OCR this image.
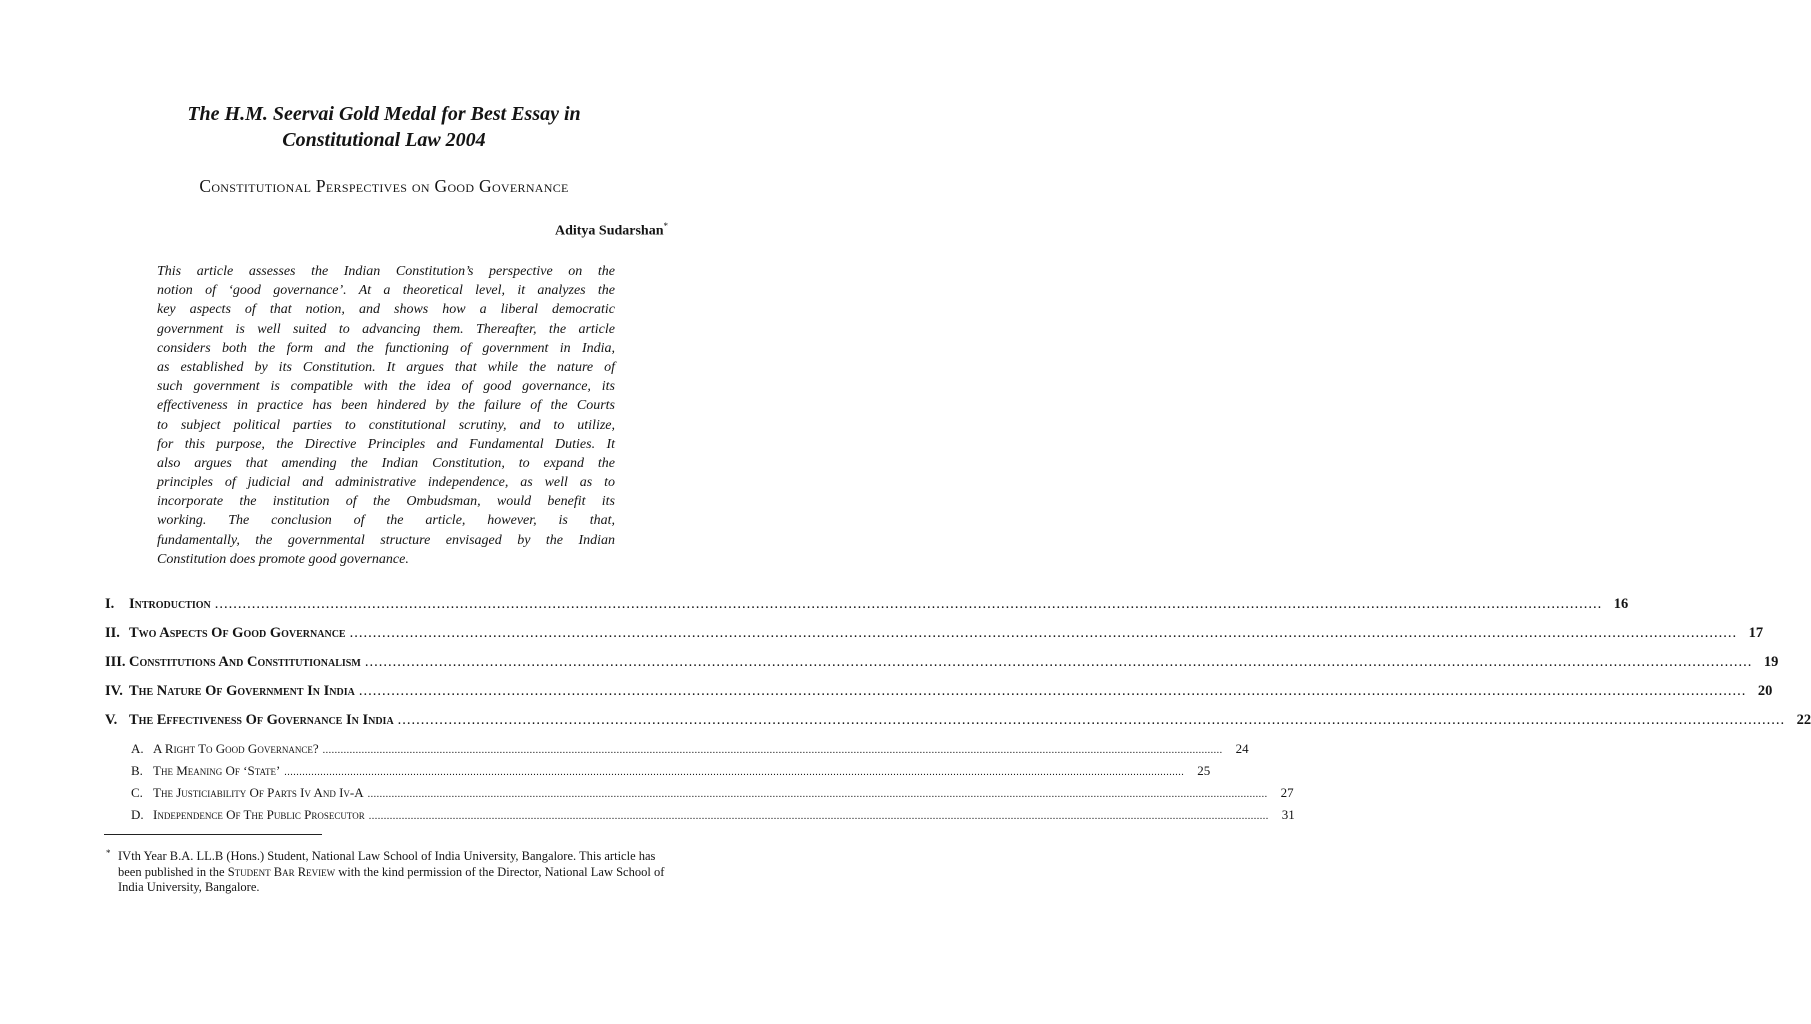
The H.M. Seervai Gold Medal for Best Essay in
Constitutional Law 2004
Constitutional Perspectives on Good Governance
Aditya Sudarshan*
This article assesses the Indian Constitution’s perspective on the
notion of ‘good governance’. At a theoretical level, it analyzes the
key aspects of that notion, and shows how a liberal democratic
government is well suited to advancing them. Thereafter, the article
considers both the form and the functioning of government in India,
as established by its Constitution. It argues that while the nature of
such government is compatible with the idea of good governance, its
effectiveness in practice has been hindered by the failure of the Courts
to subject political parties to constitutional scrutiny, and to utilize,
for this purpose, the Directive Principles and Fundamental Duties. It
also argues that amending the Indian Constitution, to expand the
principles of judicial and administrative independence, as well as to
incorporate the institution of the Ombudsman, would benefit its
working. The conclusion of the article, however, is that,
fundamentally, the governmental structure envisaged by the Indian
Constitution does promote good governance.
I.	Introduction ............................................................................................................................................................................................................................................................................................................ 16
II. Two Aspects Of Good Governance ............................................................................................................................................................................................................................................................................................................ 17
III. Constitutions And Constitutionalism ............................................................................................................................................................................................................................................................................................................ 19
IV. The Nature Of Government In India ............................................................................................................................................................................................................................................................................................................ 20
V. The Effectiveness Of Governance In India ............................................................................................................................................................................................................................................................................................................ 22
A. A Right To Good Governance? ............................................................................................................................................................................................................................................................................................................	24
B. The Meaning Of ‘State’ ............................................................................................................................................................................................................................................................................................................	25
C. The Justiciability Of Parts Iv And Iv-A ............................................................................................................................................................................................................................................................................................................	27
D. Independence Of The Public Prosecutor ............................................................................................................................................................................................................................................................................................................	31
* IVth Year B.A. LL.B (Hons.) Student, National Law School of India University, Bangalore. This article has been published in the Student Bar Review with the kind permission of the Director, National Law School of India University, Bangalore.
